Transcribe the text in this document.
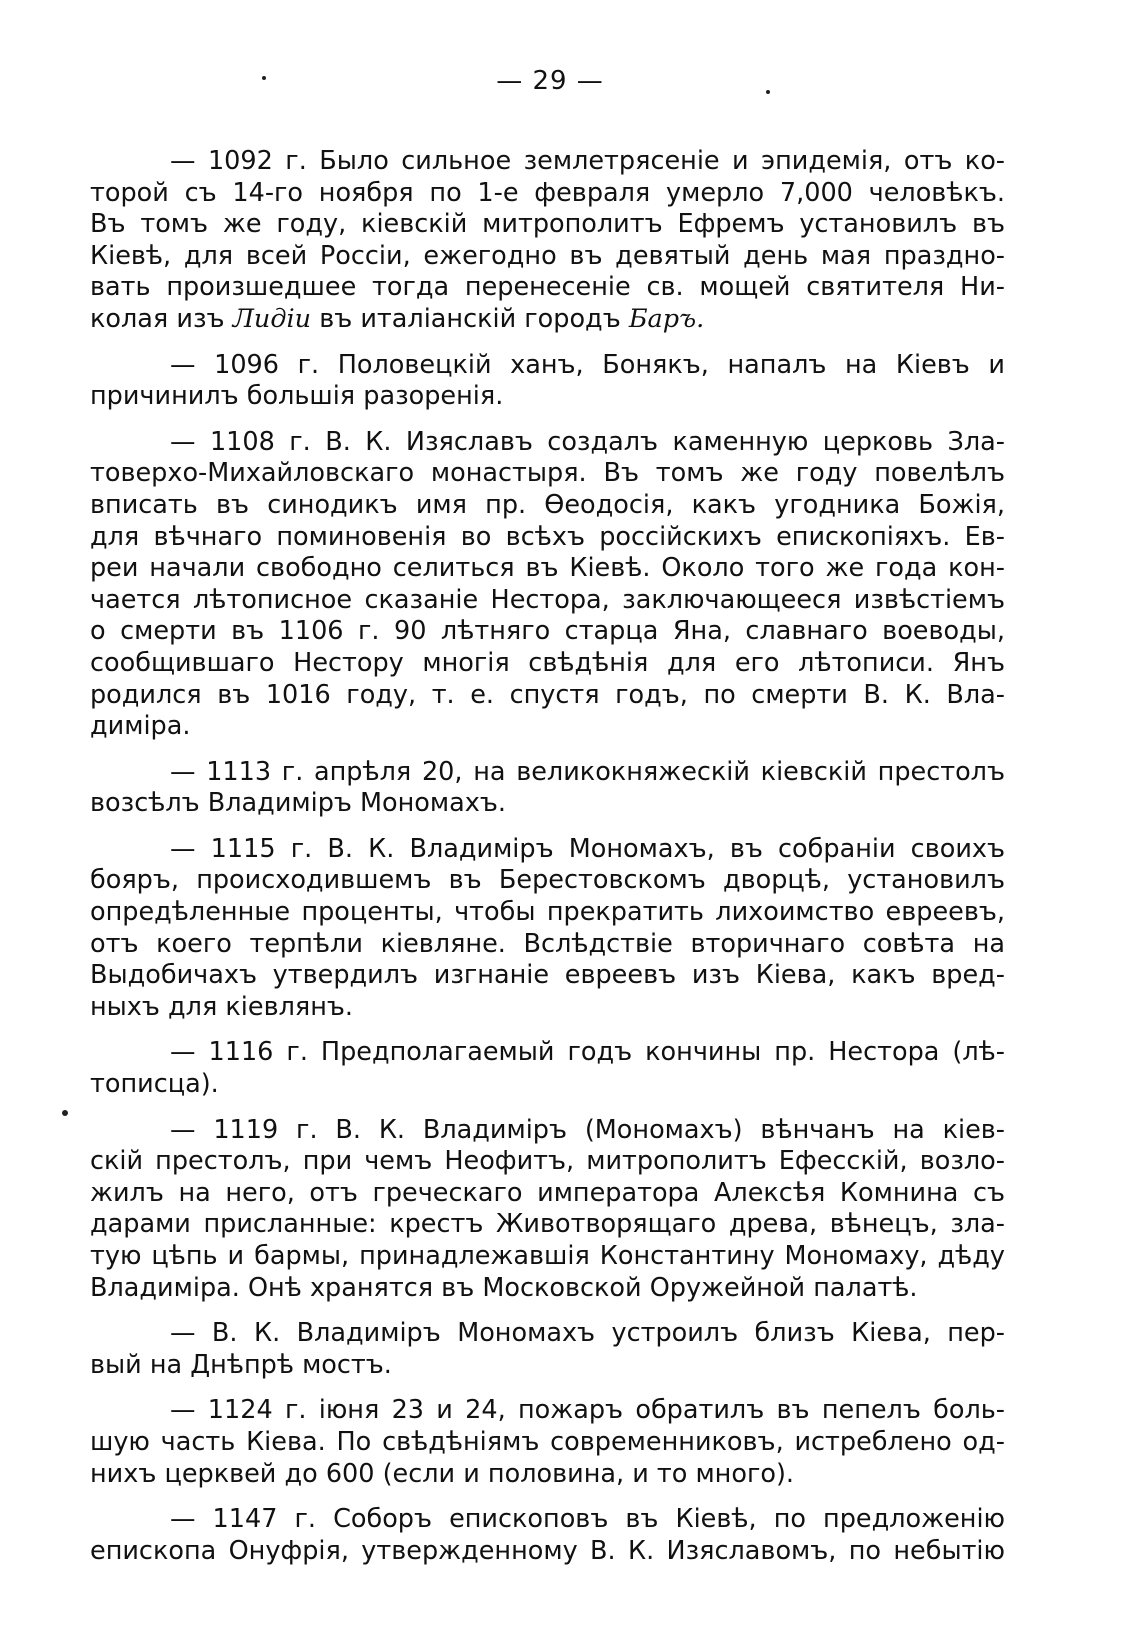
— 29 —
— 1092 г. Было сильное землетрясеніе и эпидемія, отъ ко-
торой съ 14-го ноября по 1-е февраля умерло 7,000 человѣкъ.
Въ томъ же году, кіевскій митрополитъ Ефремъ установилъ въ
Кіевѣ, для всей Россіи, ежегодно въ девятый день мая праздно-
вать произшедшее тогда перенесеніе св. мощей святителя Ни-
колая изъ Лидіи въ италіанскій городъ Баръ.
— 1096 г. Половецкій ханъ, Бонякъ, напалъ на Кіевъ и
причинилъ большія разоренія.
— 1108 г. В. К. Изяславъ создалъ каменную церковь Зла-
товерхо-Михайловскаго монастыря. Въ томъ же году повелѣлъ
вписать въ синодикъ имя пр. Ѳеодосія, какъ угодника Божія,
для вѣчнаго поминовенія во всѣхъ россійскихъ епископіяхъ. Ев-
реи начали свободно селиться въ Кіевѣ. Около того же года кон-
чается лѣтописное сказаніе Нестора, заключающееся извѣстіемъ
о смерти въ 1106 г. 90 лѣтняго старца Яна, славнаго воеводы,
сообщившаго Нестору многія свѣдѣнія для его лѣтописи. Янъ
родился въ 1016 году, т. е. спустя годъ, по смерти В. К. Вла-
диміра.
— 1113 г. апрѣля 20, на великокняжескій кіевскій престолъ
возсѣлъ Владиміръ Мономахъ.
— 1115 г. В. К. Владиміръ Мономахъ, въ собраніи своихъ
бояръ, происходившемъ въ Берестовскомъ дворцѣ, установилъ
опредѣленные проценты, чтобы прекратить лихоимство евреевъ,
отъ коего терпѣли кіевляне. Вслѣдствіе вторичнаго совѣта на
Выдобичахъ утвердилъ изгнаніе евреевъ изъ Кіева, какъ вред-
ныхъ для кіевлянъ.
— 1116 г. Предполагаемый годъ кончины пр. Нестора (лѣ-
тописца).
— 1119 г. В. К. Владиміръ (Мономахъ) вѣнчанъ на кіев-
скій престолъ, при чемъ Неофитъ, митрополитъ Ефесскій, возло-
жилъ на него, отъ греческаго императора Алексѣя Комнина съ
дарами присланные: крестъ Животворящаго древа, вѣнецъ, зла-
тую цѣпь и бармы, принадлежавшія Константину Мономаху, дѣду
Владиміра. Онѣ хранятся въ Московской Оружейной палатѣ.
— В. К. Владиміръ Мономахъ устроилъ близъ Кіева, пер-
вый на Днѣпрѣ мостъ.
— 1124 г. іюня 23 и 24, пожаръ обратилъ въ пепелъ боль-
шую часть Кіева. По свѣдѣніямъ современниковъ, истреблено од-
нихъ церквей до 600 (если и половина, и то много).
— 1147 г. Соборъ епископовъ въ Кіевѣ, по предложенію
епископа Онуфрія, утвержденному В. К. Изяславомъ, по небытію
